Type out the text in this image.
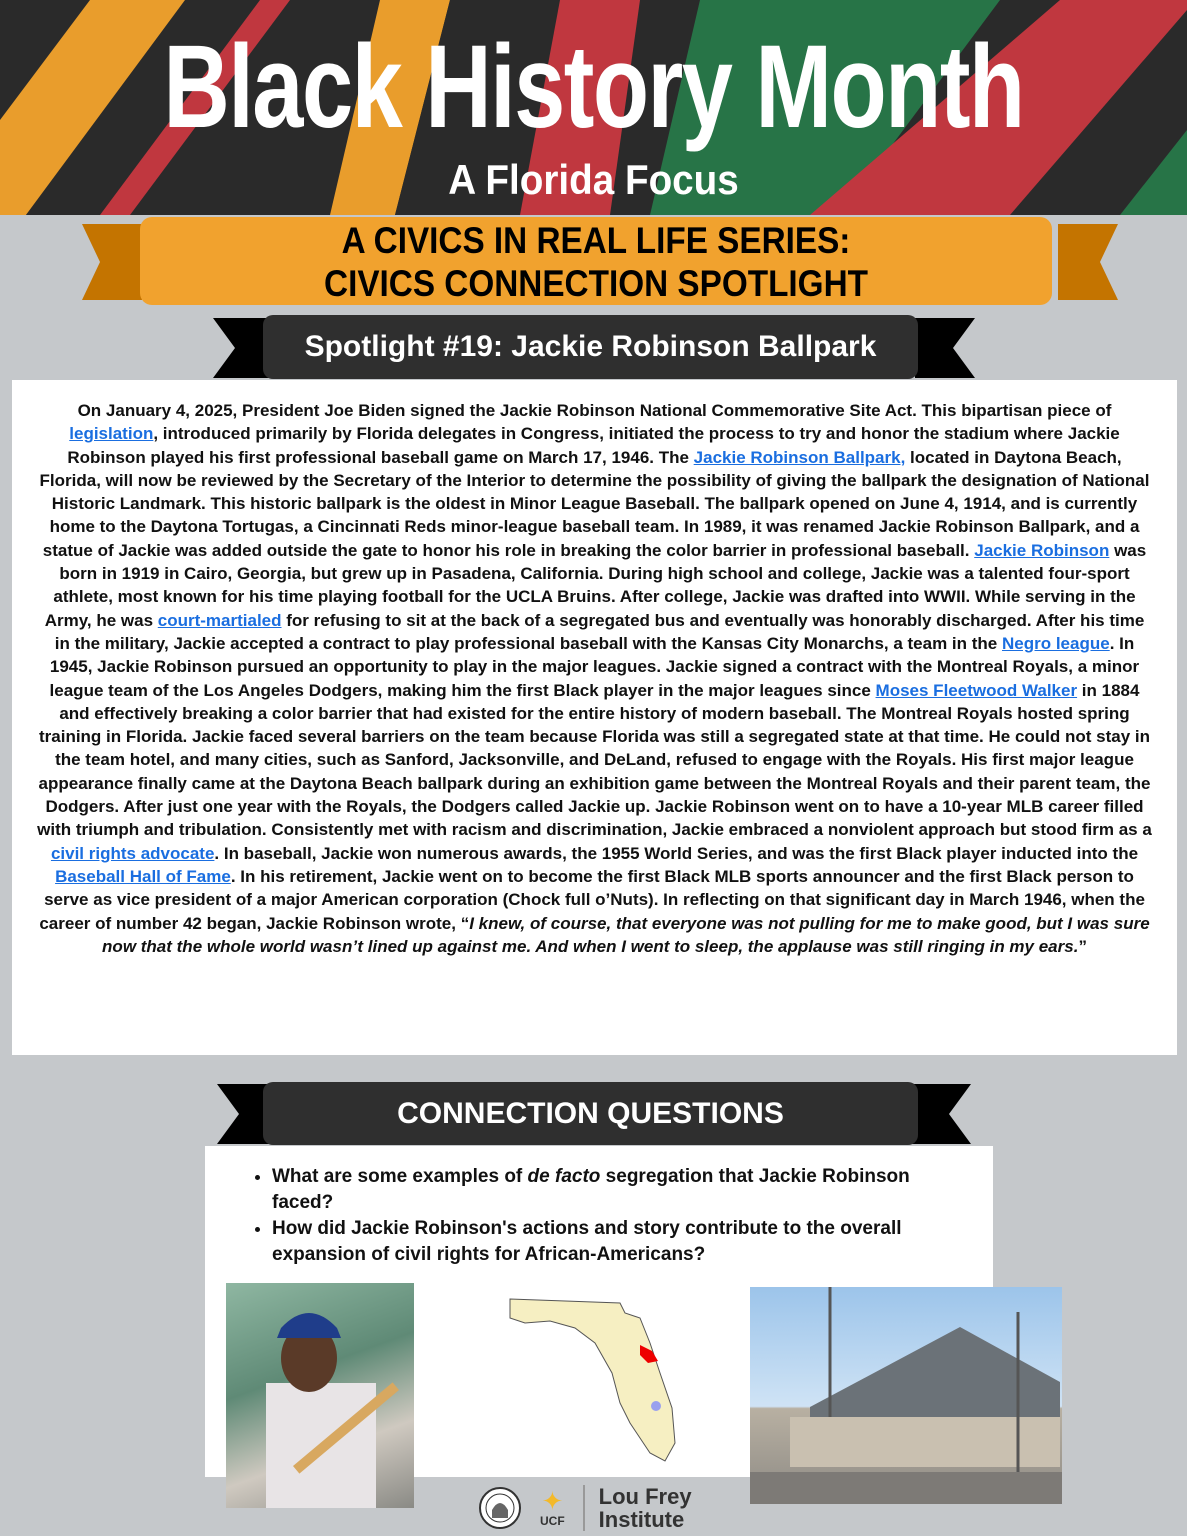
Black History Month
A Florida Focus
A CIVICS IN REAL LIFE SERIES:
CIVICS CONNECTION SPOTLIGHT
Spotlight #19: Jackie Robinson Ballpark
On January 4, 2025, President Joe Biden signed the Jackie Robinson National Commemorative Site Act. This bipartisan piece of legislation, introduced primarily by Florida delegates in Congress, initiated the process to try and honor the stadium where Jackie Robinson played his first professional baseball game on March 17, 1946. The Jackie Robinson Ballpark, located in Daytona Beach, Florida, will now be reviewed by the Secretary of the Interior to determine the possibility of giving the ballpark the designation of National Historic Landmark. This historic ballpark is the oldest in Minor League Baseball. The ballpark opened on June 4, 1914, and is currently home to the Daytona Tortugas, a Cincinnati Reds minor-league baseball team. In 1989, it was renamed Jackie Robinson Ballpark, and a statue of Jackie was added outside the gate to honor his role in breaking the color barrier in professional baseball. Jackie Robinson was born in 1919 in Cairo, Georgia, but grew up in Pasadena, California. During high school and college, Jackie was a talented four-sport athlete, most known for his time playing football for the UCLA Bruins. After college, Jackie was drafted into WWII. While serving in the Army, he was court-martialed for refusing to sit at the back of a segregated bus and eventually was honorably discharged. After his time in the military, Jackie accepted a contract to play professional baseball with the Kansas City Monarchs, a team in the Negro league. In 1945, Jackie Robinson pursued an opportunity to play in the major leagues. Jackie signed a contract with the Montreal Royals, a minor league team of the Los Angeles Dodgers, making him the first Black player in the major leagues since Moses Fleetwood Walker in 1884 and effectively breaking a color barrier that had existed for the entire history of modern baseball. The Montreal Royals hosted spring training in Florida. Jackie faced several barriers on the team because Florida was still a segregated state at that time. He could not stay in the team hotel, and many cities, such as Sanford, Jacksonville, and DeLand, refused to engage with the Royals. His first major league appearance finally came at the Daytona Beach ballpark during an exhibition game between the Montreal Royals and their parent team, the Dodgers. After just one year with the Royals, the Dodgers called Jackie up. Jackie Robinson went on to have a 10-year MLB career filled with triumph and tribulation. Consistently met with racism and discrimination, Jackie embraced a nonviolent approach but stood firm as a civil rights advocate. In baseball, Jackie won numerous awards, the 1955 World Series, and was the first Black player inducted into the Baseball Hall of Fame. In his retirement, Jackie went on to become the first Black MLB sports announcer and the first Black person to serve as vice president of a major American corporation (Chock full o’Nuts). In reflecting on that significant day in March 1946, when the career of number 42 began, Jackie Robinson wrote, “I knew, of course, that everyone was not pulling for me to make good, but I was sure now that the whole world wasn’t lined up against me. And when I went to sleep, the applause was still ringing in my ears.”
CONNECTION QUESTIONS
• What are some examples of de facto segregation that Jackie Robinson faced?
• How did Jackie Robinson's actions and story contribute to the overall expansion of civil rights for African-Americans?
✦
UCF
Lou Frey
Institute
